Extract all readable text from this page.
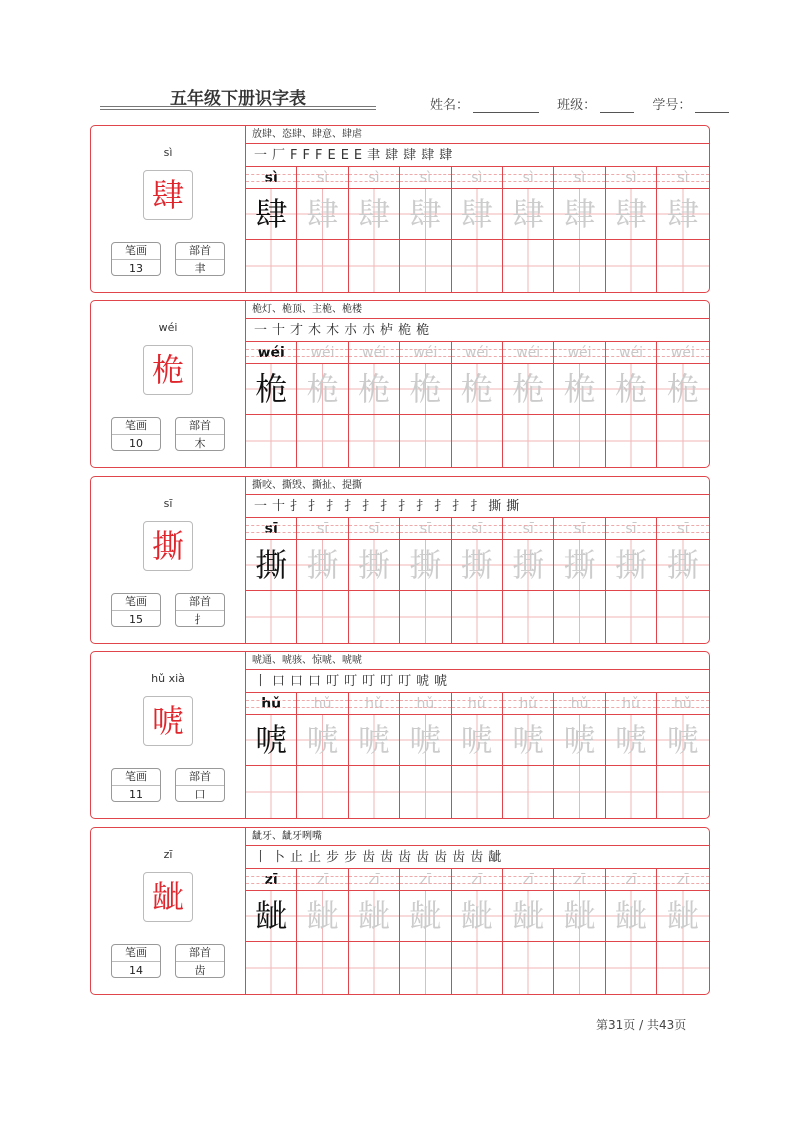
五年级下册识字表	姓名：	班级：	学号：
sì
肆
笔画
13
部首
聿
放肆、恣肆、肆意、肆虐
一 厂 F F F E E E 聿 肆 肆 肆 肆
sì
肆
sì
肆
sì
肆
sì
肆
sì
肆
sì
肆
sì
肆
sì
肆
sì
肆
wéi
桅
笔画
10
部首
木
桅灯、桅顶、主桅、桅楼
一 十 才 木 木 朩 朩 栌 桅 桅
wéi
桅
wéi
桅
wéi
桅
wéi
桅
wéi
桅
wéi
桅
wéi
桅
wéi
桅
wéi
桅
sī
撕
笔画
15
部首
扌
撕咬、撕毁、撕扯、提撕
一 十 扌 扌 扌 扌 扌 扌 扌 扌 扌 扌 扌 撕 撕
sī
撕
sī
撕
sī
撕
sī
撕
sī
撕
sī
撕
sī
撕
sī
撕
sī
撕
hǔ xià
唬
笔画
11
部首
口
唬通、唬骇、惊唬、唬唬
丨 口 口 口 叮 叮 叮 叮 叮 唬 唬
hǔ
唬
hǔ
唬
hǔ
唬
hǔ
唬
hǔ
唬
hǔ
唬
hǔ
唬
hǔ
唬
hǔ
唬
zī
龇
笔画
14
部首
齿
龇牙、龇牙咧嘴
丨 卜 止 止 步 步 齿 齿 齿 齿 齿 齿 齿 龇
zī
龇
zī
龇
zī
龇
zī
龇
zī
龇
zī
龇
zī
龇
zī
龇
zī
龇
第31页 / 共43页
